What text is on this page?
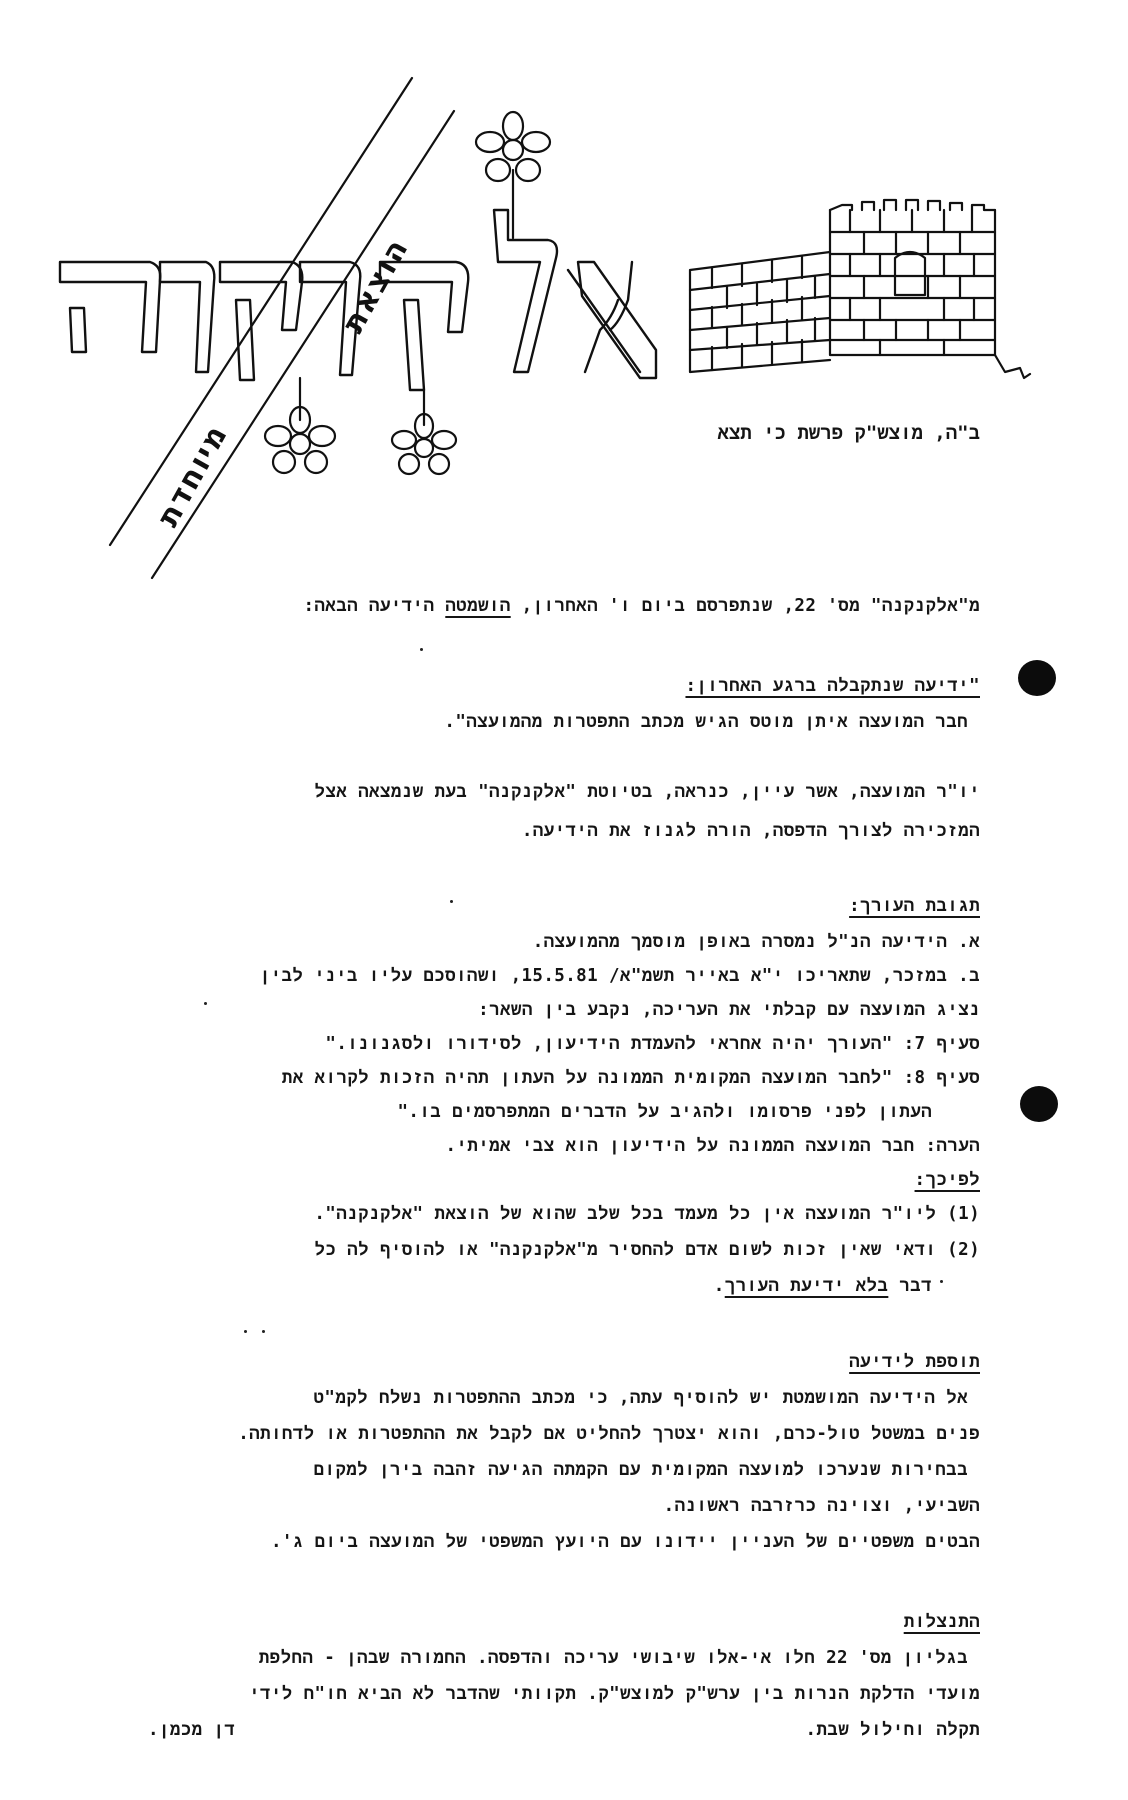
הוצאת
מיוחדת	ב"ה, מוצש"ק פרשת כי תצא
מ"אלקנקנה" מס' 22, שנתפרסם ביום ו' האחרון, הושמטה הידיעה הבאה:
"ידיעה שנתקבלה ברגע האחרון:
חבר המועצה איתן מוטס הגיש מכתב התפטרות מהמועצה".
יו"ר המועצה, אשר עיין, כנראה, בטיוטת "אלקנקנה" בעת שנמצאה אצל
המזכירה לצורך הדפסה, הורה לגנוז את הידיעה.
תגובת העורך:
א. הידיעה הנ"ל נמסרה באופן מוסמך מהמועצה.
ב. במזכר, שתאריכו י"א באייר תשמ"א/ 15.5.81, ושהוסכם עליו ביני לבין
נציג המועצה עם קבלתי את העריכה, נקבע בין השאר:
סעיף 7: "העורך יהיה אחראי להעמדת הידיעון, לסידורו ולסגנונו."
סעיף 8: "לחבר המועצה המקומית הממונה על העתון תהיה הזכות לקרוא את
העתון לפני פרסומו ולהגיב על הדברים המתפרסמים בו."
הערה: חבר המועצה הממונה על הידיעון הוא צבי אמיתי.
לפיכך:
(1) ליו"ר המועצה אין כל מעמד בכל שלב שהוא של הוצאת "אלקנקנה".
(2) ודאי שאין זכות לשום אדם להחסיר מ"אלקנקנה" או להוסיף לה כל
דבר בלא ידיעת העורך.
תוספת לידיעה
אל הידיעה המושמטת יש להוסיף עתה, כי מכתב ההתפטרות נשלח לקמ"ט
פנים במשטל טול-כרם, והוא יצטרך להחליט אם לקבל את ההתפטרות או לדחותה.
בבחירות שנערכו למועצה המקומית עם הקמתה הגיעה זהבה בירן למקום
השביעי, וצוינה כרזרבה ראשונה.
הבטים משפטיים של העניין יידונו עם היועץ המשפטי של המועצה ביום ג'.
התנצלות
בגליון מס' 22 חלו אי-אלו שיבושי עריכה והדפסה. החמורה שבהן - החלפת
מועדי הדלקת הנרות בין ערש"ק למוצש"ק. תקוותי שהדבר לא הביא חו"ח לידי
תקלה וחילול שבת.
דן מכמן.
